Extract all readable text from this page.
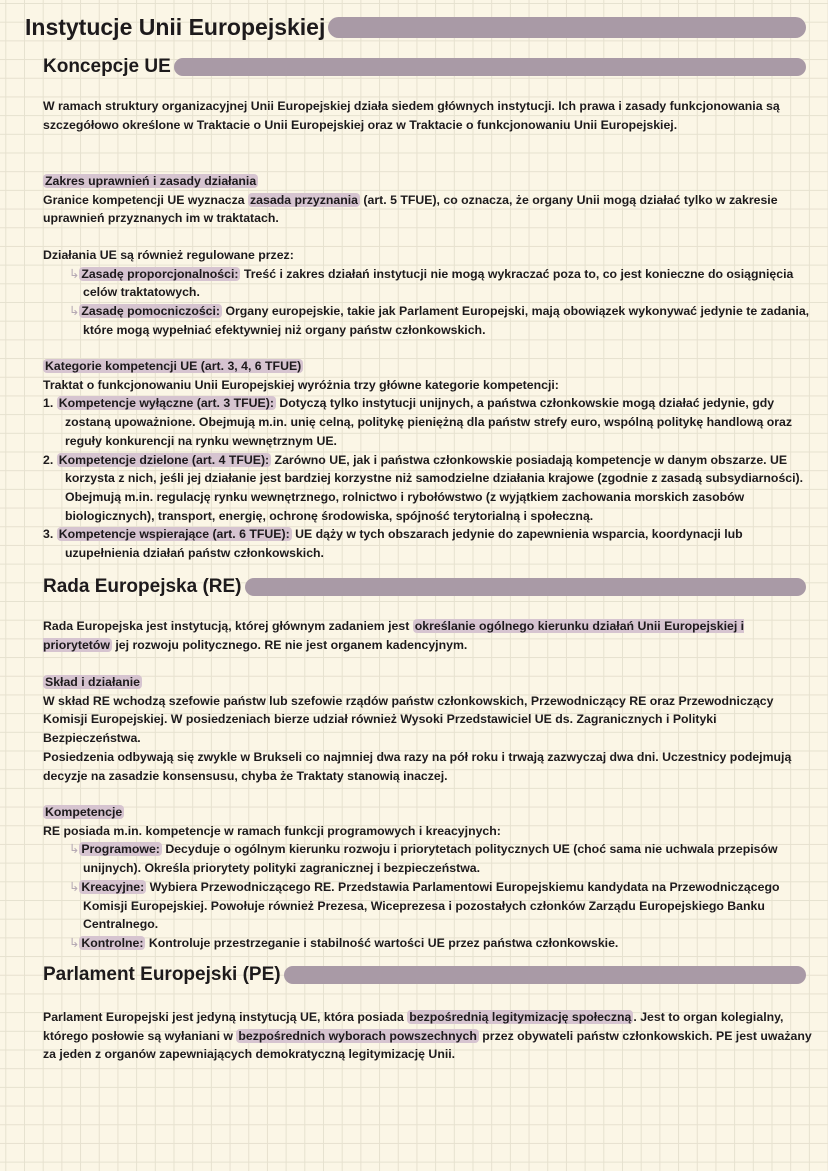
Instytucje Unii Europejskiej
Koncepcje UE
W ramach struktury organizacyjnej Unii Europejskiej działa siedem głównych instytucji. Ich prawa i zasady funkcjonowania są szczegółowo określone w Traktacie o Unii Europejskiej oraz w Traktacie o funkcjonowaniu Unii Europejskiej.
Zakres uprawnień i zasady działania
Granice kompetencji UE wyznacza zasada przyznania (art. 5 TFUE), co oznacza, że organy Unii mogą działać tylko w zakresie uprawnień przyznanych im w traktatach.
Działania UE są również regulowane przez:
↳ Zasadę proporcjonalności: Treść i zakres działań instytucji nie mogą wykraczać poza to, co jest konieczne do osiągnięcia celów traktatowych.
↳ Zasadę pomocniczości: Organy europejskie, takie jak Parlament Europejski, mają obowiązek wykonywać jedynie te zadania, które mogą wypełniać efektywniej niż organy państw członkowskich.
Kategorie kompetencji UE (art. 3, 4, 6 TFUE)
Traktat o funkcjonowaniu Unii Europejskiej wyróżnia trzy główne kategorie kompetencji:
1. Kompetencje wyłączne (art. 3 TFUE): Dotyczą tylko instytucji unijnych, a państwa członkowskie mogą działać jedynie, gdy zostaną upoważnione. Obejmują m.in. unię celną, politykę pieniężną dla państw strefy euro, wspólną politykę handlową oraz reguły konkurencji na rynku wewnętrznym UE.
2. Kompetencje dzielone (art. 4 TFUE): Zarówno UE, jak i państwa członkowskie posiadają kompetencje w danym obszarze. UE korzysta z nich, jeśli jej działanie jest bardziej korzystne niż samodzielne działania krajowe (zgodnie z zasadą subsydiarności). Obejmują m.in. regulację rynku wewnętrznego, rolnictwo i rybołówstwo (z wyjątkiem zachowania morskich zasobów biologicznych), transport, energię, ochronę środowiska, spójność terytorialną i społeczną.
3. Kompetencje wspierające (art. 6 TFUE): UE dąży w tych obszarach jedynie do zapewnienia wsparcia, koordynacji lub uzupełnienia działań państw członkowskich.
Rada Europejska (RE)
Rada Europejska jest instytucją, której głównym zadaniem jest określanie ogólnego kierunku działań Unii Europejskiej i priorytetów jej rozwoju politycznego. RE nie jest organem kadencyjnym.
Skład i działanie
W skład RE wchodzą szefowie państw lub szefowie rządów państw członkowskich, Przewodniczący RE oraz Przewodniczący Komisji Europejskiej. W posiedzeniach bierze udział również Wysoki Przedstawiciel UE ds. Zagranicznych i Polityki Bezpieczeństwa.
Posiedzenia odbywają się zwykle w Brukseli co najmniej dwa razy na pół roku i trwają zazwyczaj dwa dni. Uczestnicy podejmują decyzje na zasadzie konsensusu, chyba że Traktaty stanowią inaczej.
Kompetencje
RE posiada m.in. kompetencje w ramach funkcji programowych i kreacyjnych:
↳ Programowe: Decyduje o ogólnym kierunku rozwoju i priorytetach politycznych UE (choć sama nie uchwala przepisów unijnych). Określa priorytety polityki zagranicznej i bezpieczeństwa.
↳ Kreacyjne: Wybiera Przewodniczącego RE. Przedstawia Parlamentowi Europejskiemu kandydata na Przewodniczącego Komisji Europejskiej. Powołuje również Prezesa, Wiceprezesa i pozostałych członków Zarządu Europejskiego Banku Centralnego.
↳ Kontrolne: Kontroluje przestrzeganie i stabilność wartości UE przez państwa członkowskie.
Parlament Europejski (PE)
Parlament Europejski jest jedyną instytucją UE, która posiada bezpośrednią legitymizację społeczną . Jest to organ kolegialny, którego posłowie są wyłaniani w bezpośrednich wyborach powszechnych przez obywateli państw członkowskich. PE jest uważany za jeden z organów zapewniających demokratyczną legitymizację Unii.
